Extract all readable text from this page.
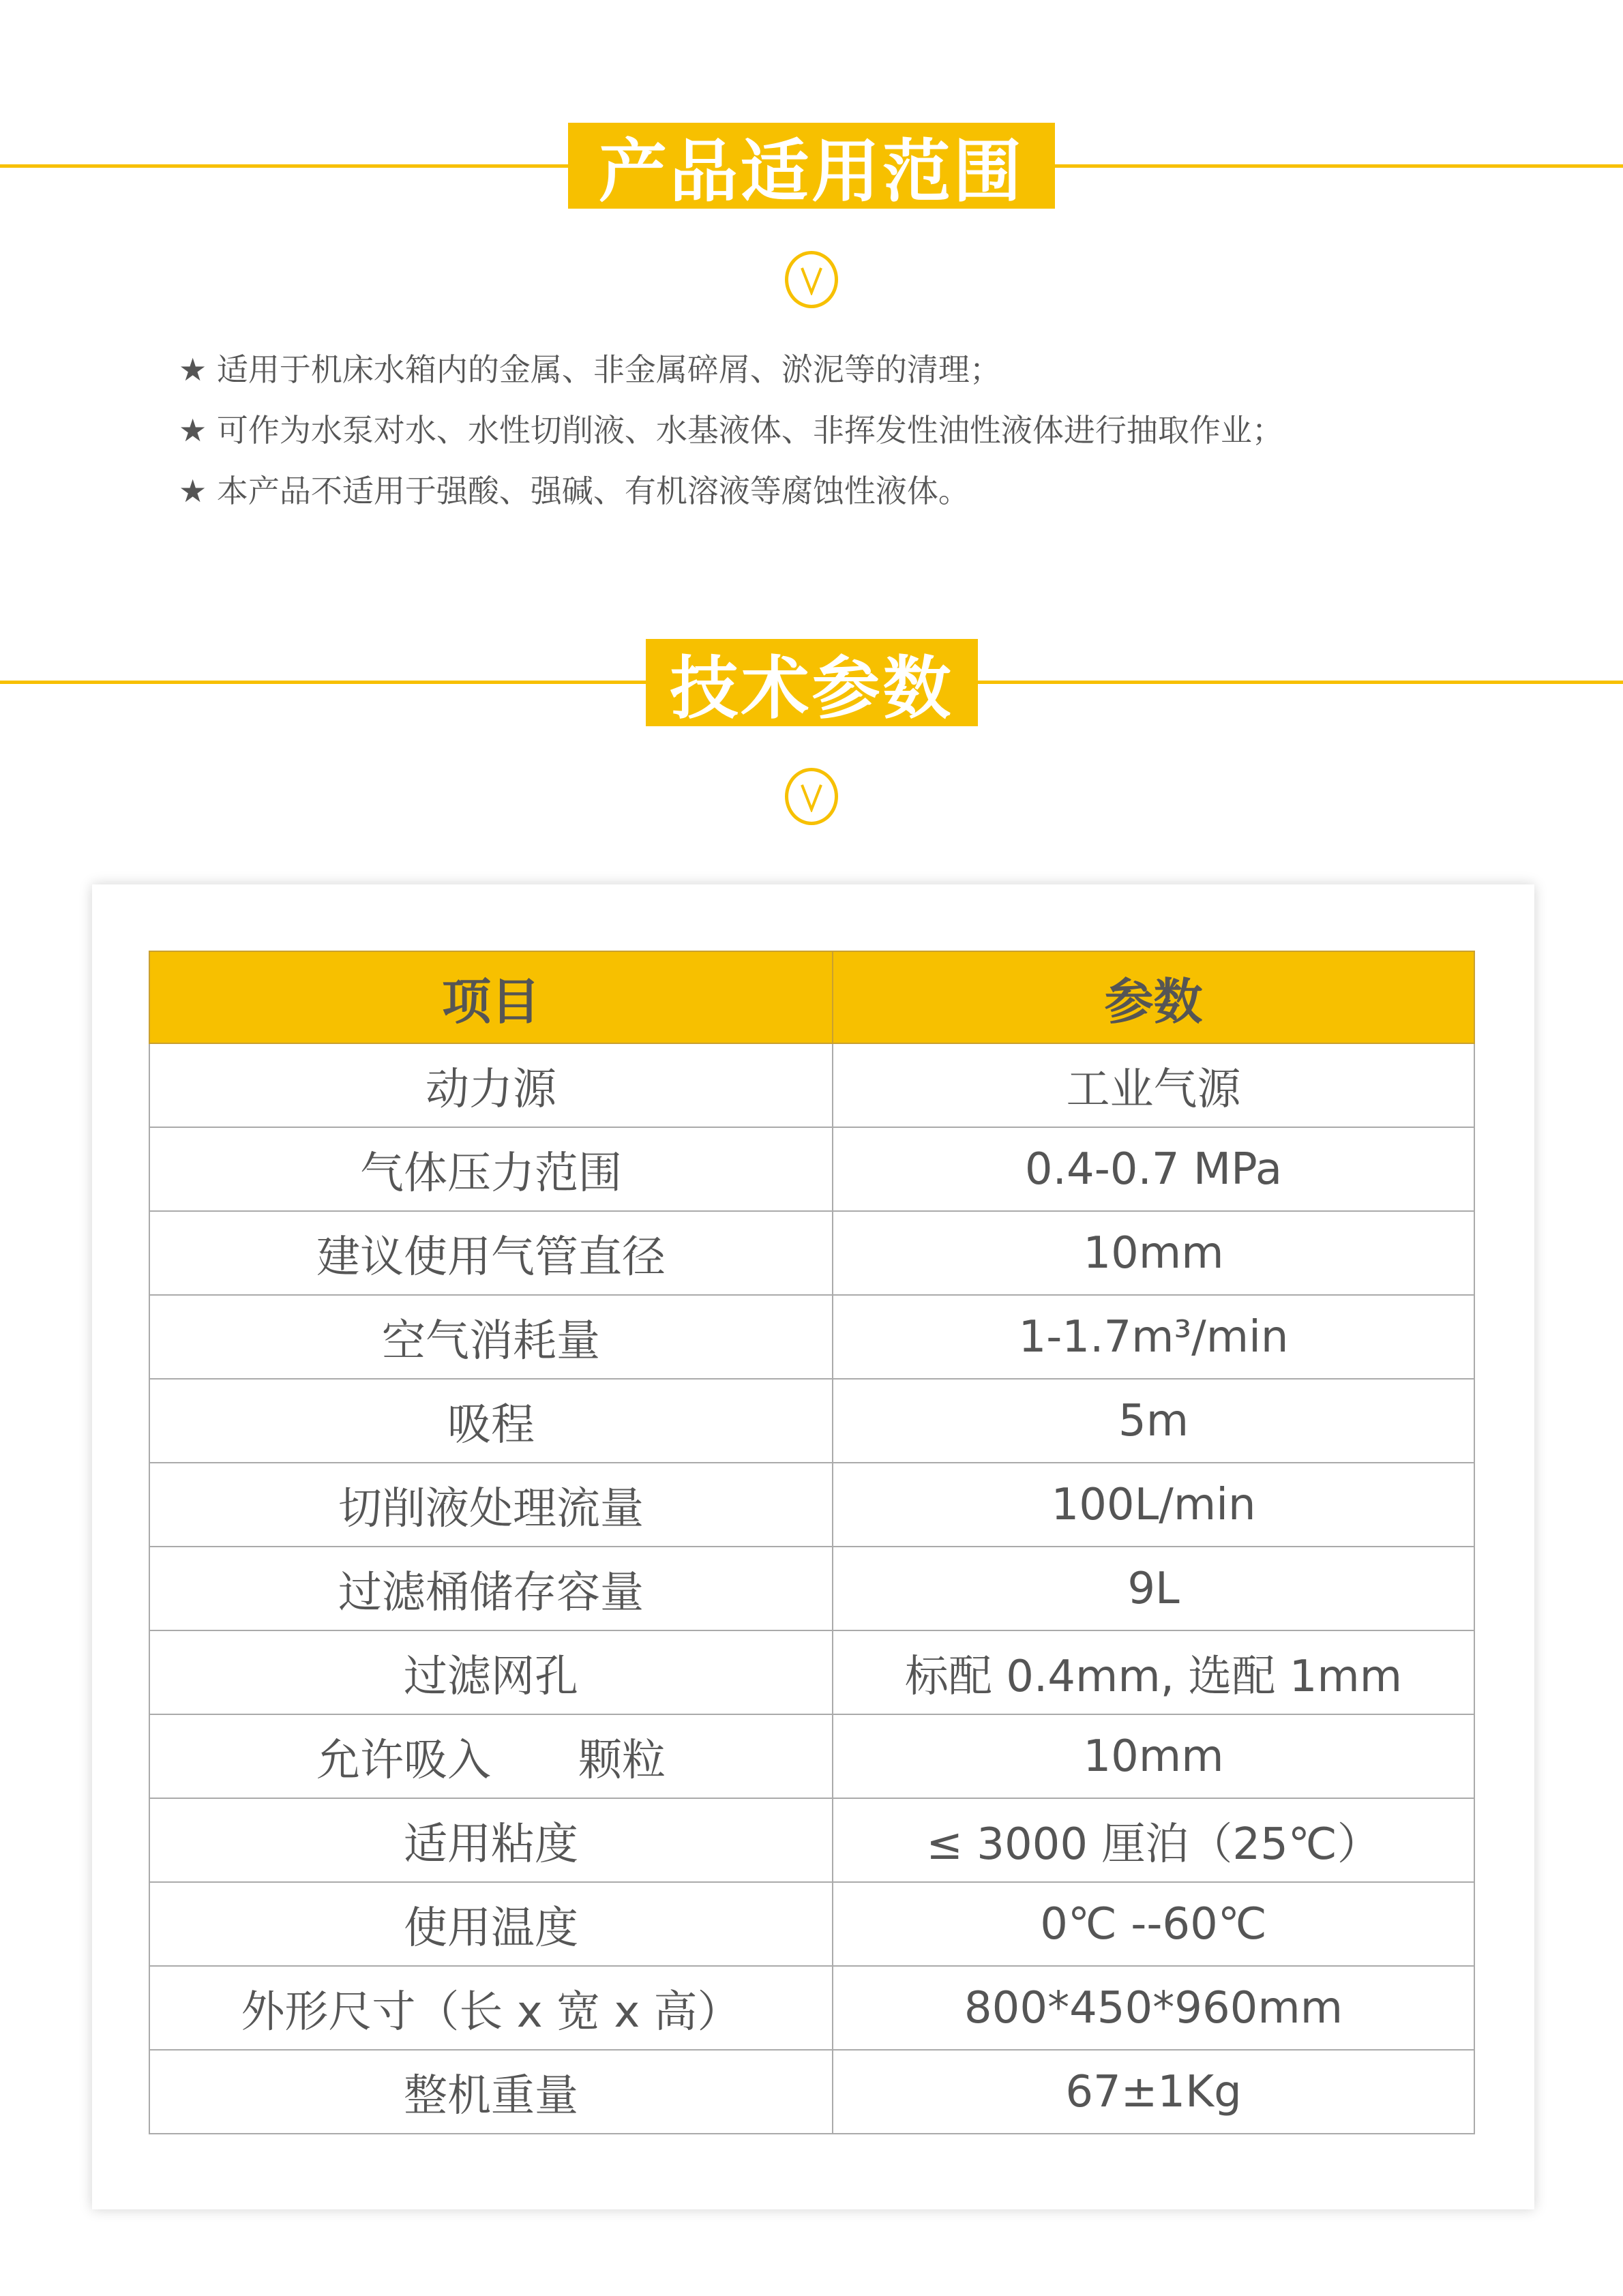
产品适用范围
★ 适用于机床水箱内的金属、非金属碎屑、淤泥等的清理；
★ 可作为水泵对水、水性切削液、水基液体、非挥发性油性液体进行抽取作业；
★ 本产品不适用于强酸、强碱、有机溶液等腐蚀性液体。
技术参数
项目	参数
动力源	工业气源
气体压力范围	0.4-0.7 MPa
建议使用气管直径	10mm
空气消耗量	1-1.7m³/min
吸程	5m
切削液处理流量	100L/min
过滤桶储存容量	9L
过滤网孔	标配 0.4mm, 选配 1mm
允许吸入　　颗粒	10mm
适用粘度	≤ 3000 厘泊（25℃）
使用温度	0℃ --60℃
外形尺寸（长 x 宽 x 高）	800*450*960mm
整机重量	67±1Kg
